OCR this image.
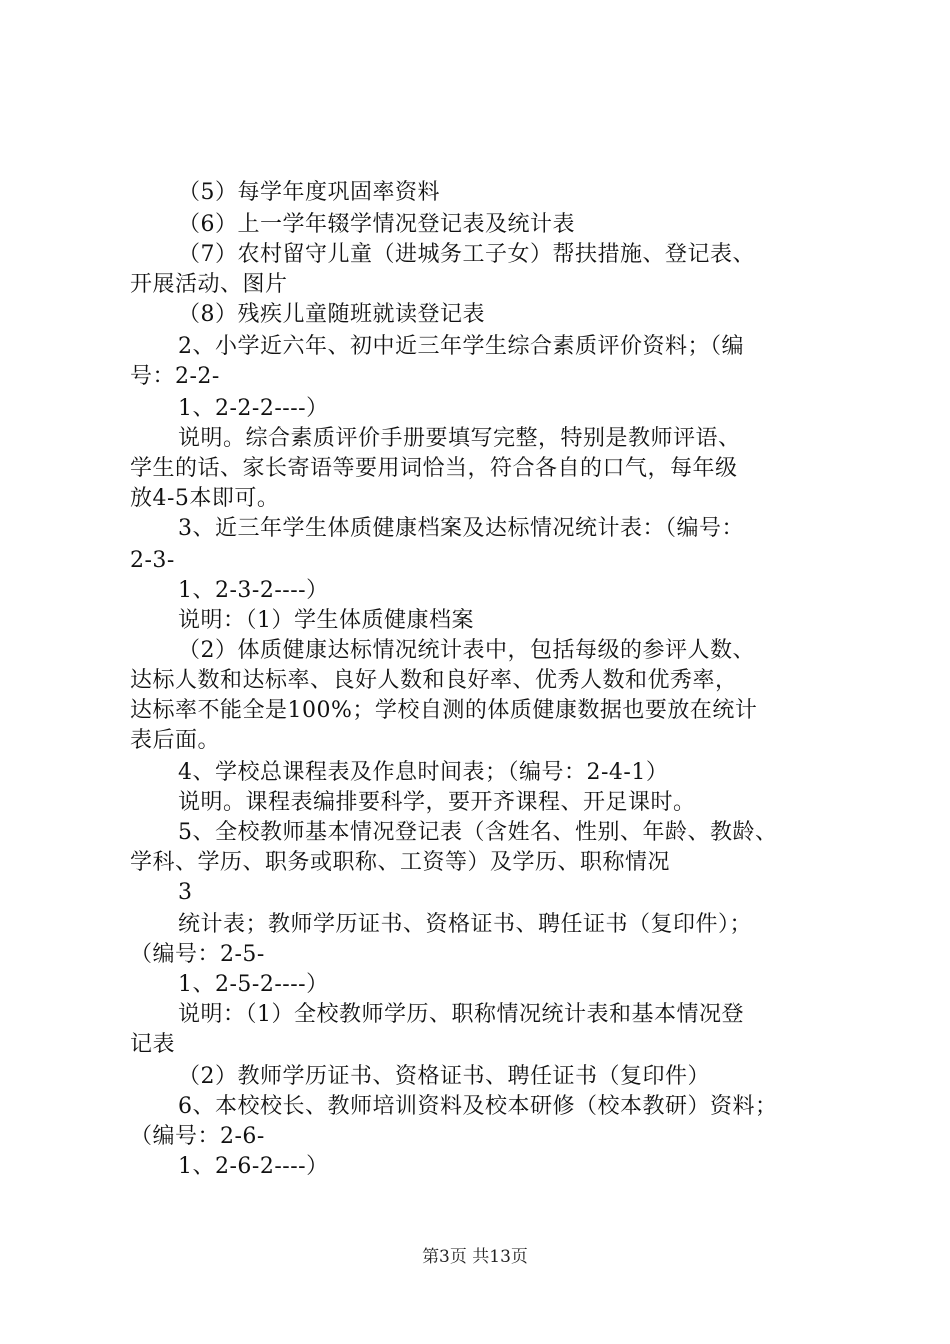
（5）每学年度巩固率资料
（6）上一学年辍学情况登记表及统计表
（7）农村留守儿童（进城务工子女）帮扶措施、登记表、
开展活动、图片
（8）残疾儿童随班就读登记表
2、小学近六年、初中近三年学生综合素质评价资料；（编
号：2-2-
1、2-2-2----）
说明。综合素质评价手册要填写完整，特别是教师评语、
学生的话、家长寄语等要用词恰当，符合各自的口气，每年级
放4-5本即可。
3、近三年学生体质健康档案及达标情况统计表：（编号：
2-3-
1、2-3-2----）
说明：（1）学生体质健康档案
（2）体质健康达标情况统计表中，包括每级的参评人数、
达标人数和达标率、良好人数和良好率、优秀人数和优秀率，
达标率不能全是100%；学校自测的体质健康数据也要放在统计
表后面。
4、学校总课程表及作息时间表；（编号：2-4-1）
说明。课程表编排要科学，要开齐课程、开足课时。
5、全校教师基本情况登记表（含姓名、性别、年龄、教龄、
学科、学历、职务或职称、工资等）及学历、职称情况
3
统计表；教师学历证书、资格证书、聘任证书（复印件）；
（编号：2-5-
1、2-5-2----）
说明：（1）全校教师学历、职称情况统计表和基本情况登
记表
（2）教师学历证书、资格证书、聘任证书（复印件）
6、本校校长、教师培训资料及校本研修（校本教研）资料；
（编号：2-6-
1、2-6-2----）
第3页 共13页
